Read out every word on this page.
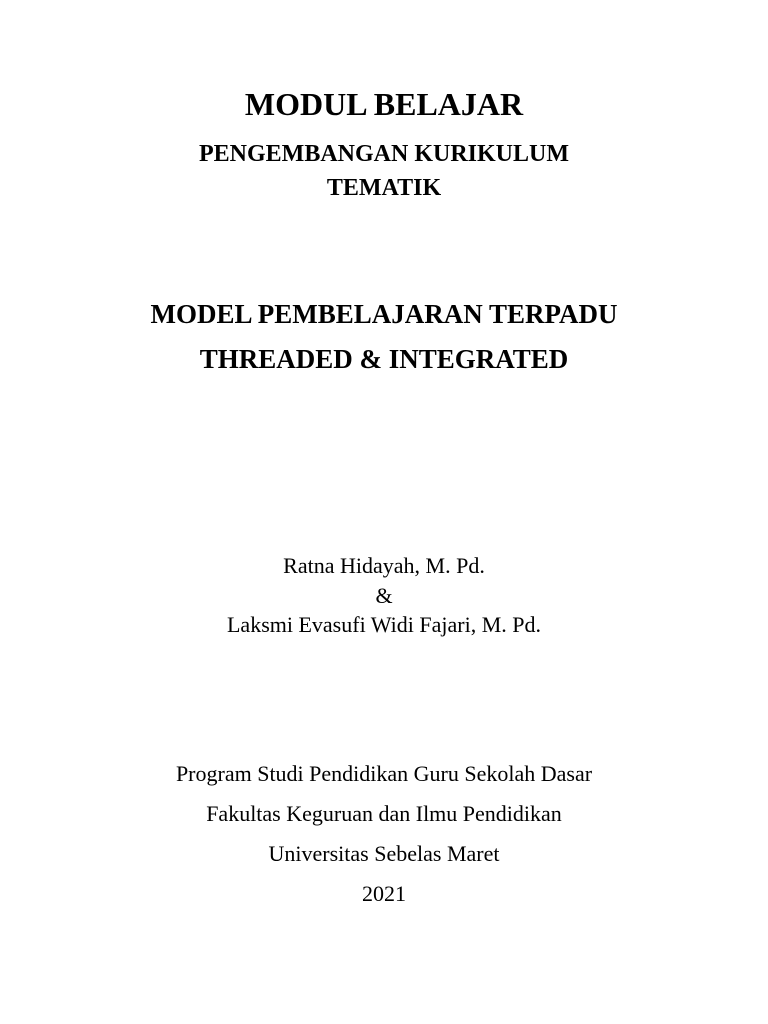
MODUL BELAJAR
PENGEMBANGAN KURIKULUM
TEMATIK
MODEL PEMBELAJARAN TERPADU
THREADED & INTEGRATED
Ratna Hidayah, M. Pd.
&
Laksmi Evasufi Widi Fajari, M. Pd.
Program Studi Pendidikan Guru Sekolah Dasar
Fakultas Keguruan dan Ilmu Pendidikan
Universitas Sebelas Maret
2021
